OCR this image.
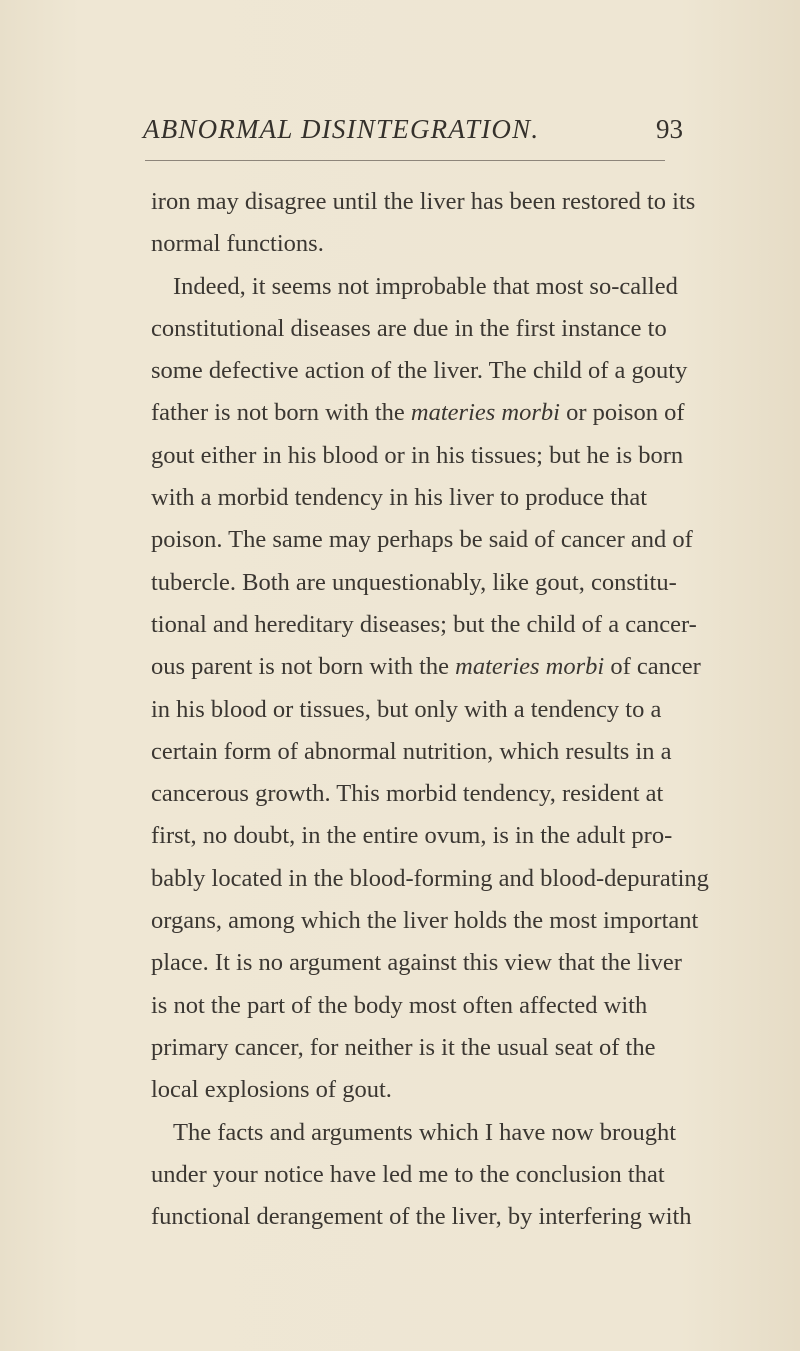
ABNORMAL DISINTEGRATION.	93
iron may disagree until the liver has been restored to its
normal functions.
Indeed, it seems not improbable that most so-called
constitutional diseases are due in the first instance to
some defective action of the liver. The child of a gouty
father is not born with the materies morbi or poison of
gout either in his blood or in his tissues; but he is born
with a morbid tendency in his liver to produce that
poison. The same may perhaps be said of cancer and of
tubercle. Both are unquestionably, like gout, constitu-
tional and hereditary diseases; but the child of a cancer-
ous parent is not born with the materies morbi of cancer
in his blood or tissues, but only with a tendency to a
certain form of abnormal nutrition, which results in a
cancerous growth. This morbid tendency, resident at
first, no doubt, in the entire ovum, is in the adult pro-
bably located in the blood-forming and blood-depurating
organs, among which the liver holds the most important
place. It is no argument against this view that the liver
is not the part of the body most often affected with
primary cancer, for neither is it the usual seat of the
local explosions of gout.
The facts and arguments which I have now brought
under your notice have led me to the conclusion that
functional derangement of the liver, by interfering with
